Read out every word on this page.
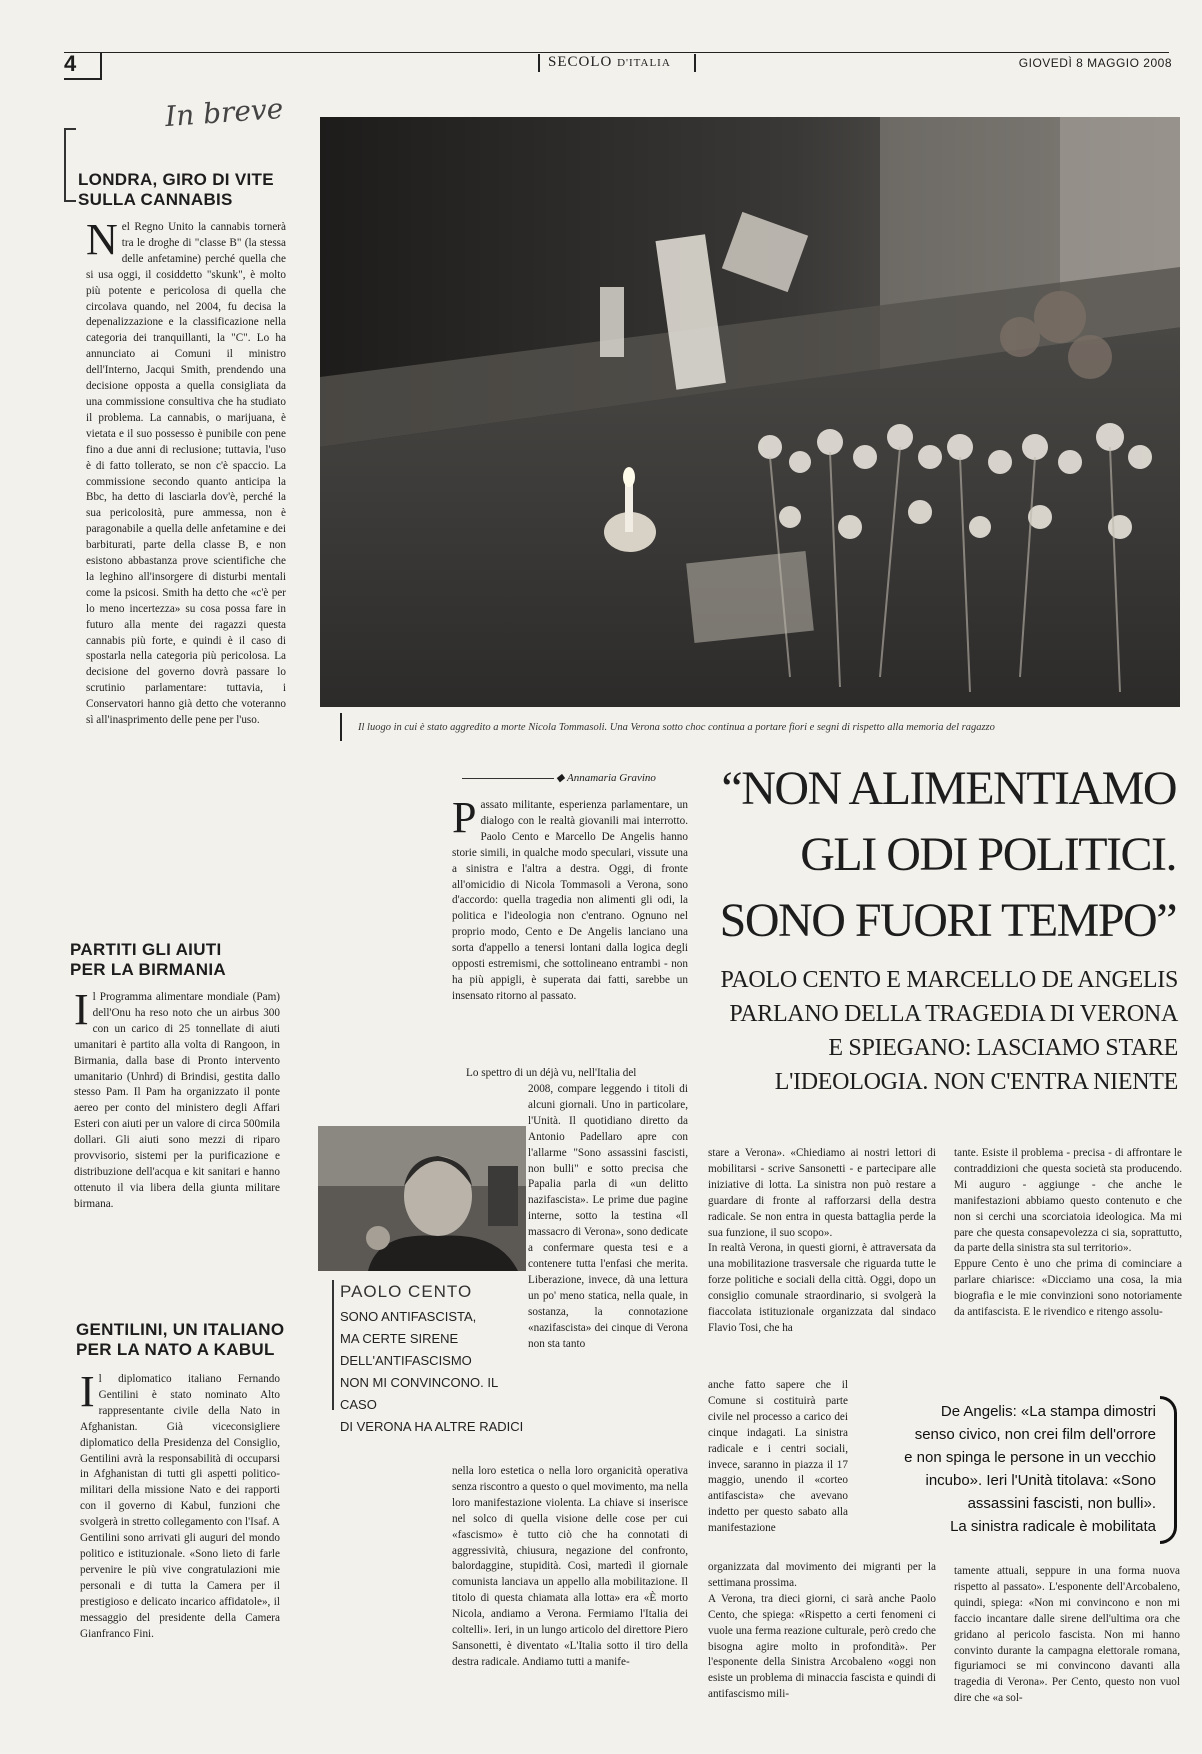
4	SECOLO D'ITALIA	GIOVEDÌ 8 MAGGIO 2008
In breve
LONDRA, GIRO DI VITE
SULLA CANNABIS
N el Regno Unito la cannabis tornerà tra le droghe di "classe B" (la stessa delle anfetamine) perché quella che si usa oggi, il cosiddetto "skunk", è molto più potente e pericolosa di quella che circolava quando, nel 2004, fu decisa la depenalizzazione e la classificazione nella categoria dei tranquillanti, la "C". Lo ha annunciato ai Comuni il ministro dell'Interno, Jacqui Smith, prendendo una decisione opposta a quella consigliata da una commissione consultiva che ha studiato il problema. La cannabis, o marijuana, è vietata e il suo possesso è punibile con pene fino a due anni di reclusione; tuttavia, l'uso è di fatto tollerato, se non c'è spaccio. La commissione secondo quanto anticipa la Bbc, ha detto di lasciarla dov'è, perché la sua pericolosità, pure ammessa, non è paragonabile a quella delle anfetamine e dei barbiturati, parte della classe B, e non esistono abbastanza prove scientifiche che la leghino all'insorgere di disturbi mentali come la psicosi. Smith ha detto che «c'è per lo meno incertezza» su cosa possa fare in futuro alla mente dei ragazzi questa cannabis più forte, e quindi è il caso di spostarla nella categoria più pericolosa. La decisione del governo dovrà passare lo scrutinio parlamentare: tuttavia, i Conservatori hanno già detto che voteranno sì all'inasprimento delle pene per l'uso.
PARTITI GLI AIUTI
PER LA BIRMANIA
I l Programma alimentare mondiale (Pam) dell'Onu ha reso noto che un airbus 300 con un carico di 25 tonnellate di aiuti umanitari è partito alla volta di Rangoon, in Birmania, dalla base di Pronto intervento umanitario (Unhrd) di Brindisi, gestita dallo stesso Pam. Il Pam ha organizzato il ponte aereo per conto del ministero degli Affari Esteri con aiuti per un valore di circa 500mila dollari. Gli aiuti sono mezzi di riparo provvisorio, sistemi per la purificazione e distribuzione dell'acqua e kit sanitari e hanno ottenuto il via libera della giunta militare birmana.
GENTILINI, UN ITALIANO
PER LA NATO A KABUL
I l diplomatico italiano Fernando Gentilini è stato nominato Alto rappresentante civile della Nato in Afghanistan. Già viceconsigliere diplomatico della Presidenza del Consiglio, Gentilini avrà la responsabilità di occuparsi in Afghanistan di tutti gli aspetti politico-militari della missione Nato e dei rapporti con il governo di Kabul, funzioni che svolgerà in stretto collegamento con l'Isaf. A Gentilini sono arrivati gli auguri del mondo politico e istituzionale. «Sono lieto di farle pervenire le più vive congratulazioni mie personali e di tutta la Camera per il prestigioso e delicato incarico affidatole», il messaggio del presidente della Camera Gianfranco Fini.
Il luogo in cui è stato aggredito a morte Nicola Tommasoli. Una Verona sotto choc continua a portare fiori e segni di rispetto alla memoria del ragazzo
◆ Annamaria Gravino	“NON ALIMENTIAMO
GLI ODI POLITICI.
SONO FUORI TEMPO”
PAOLO CENTO E MARCELLO DE ANGELIS
PARLANO DELLA TRAGEDIA DI VERONA
E SPIEGANO: LASCIAMO STARE
L'IDEOLOGIA. NON C'ENTRA NIENTE
P assato militante, esperienza parlamentare, un dialogo con le realtà giovanili mai interrotto. Paolo Cento e Marcello De Angelis hanno storie simili, in qualche modo speculari, vissute una a sinistra e l'altra a destra. Oggi, di fronte all'omicidio di Nicola Tommasoli a Verona, sono d'accordo: quella tragedia non alimenti gli odi, la politica e l'ideologia non c'entrano. Ognuno nel proprio modo, Cento e De Angelis lanciano una sorta d'appello a tenersi lontani dalla logica degli opposti estremismi, che sottolineano entrambi - non ha più appigli, è superata dai fatti, sarebbe un insensato ritorno al passato.
Lo spettro di un déjà vu, nell'Italia del
2008, compare leggendo i titoli di alcuni giornali. Uno in particolare, l'Unità. Il quotidiano diretto da Antonio Padellaro apre con l'allarme "Sono assassini fascisti, non bulli" e sotto precisa che Papalia parla di «un delitto nazifascista». Le prime due pagine interne, sotto la testina «Il massacro di Verona», sono dedicate a confermare questa tesi e a contenere tutta l'enfasi che merita. Liberazione, invece, dà una lettura un po' meno statica, nella quale, in sostanza, la connotazione «nazifascista» dei cinque di Verona non sta tanto
nella loro estetica o nella loro organicità operativa senza riscontro a questo o quel movimento, ma nella loro manifestazione violenta. La chiave si inserisce nel solco di quella visione delle cose per cui «fascismo» è tutto ciò che ha connotati di aggressività, chiusura, negazione del confronto, balordaggine, stupidità. Così, martedì il giornale comunista lanciava un appello alla mobilitazione. Il titolo di questa chiamata alla lotta» era «È morto Nicola, andiamo a Verona. Fermiamo l'Italia dei coltelli». Ieri, in un lungo articolo del direttore Piero Sansonetti, è diventato «L'Italia sotto il tiro della destra radicale. Andiamo tutti a manife-
PAOLO CENTO
SONO ANTIFASCISTA,
MA CERTE SIRENE
DELL'ANTIFASCISMO
NON MI CONVINCONO. IL CASO
DI VERONA HA ALTRE RADICI
stare a Verona». «Chiediamo ai nostri lettori di mobilitarsi - scrive Sansonetti - e partecipare alle iniziative di lotta. La sinistra non può restare a guardare di fronte al rafforzarsi della destra radicale. Se non entra in questa battaglia perde la sua funzione, il suo scopo».
In realtà Verona, in questi giorni, è attraversata da una mobilitazione trasversale che riguarda tutte le forze politiche e sociali della città. Oggi, dopo un consiglio comunale straordinario, si svolgerà la fiaccolata istituzionale organizzata dal sindaco Flavio Tosi, che ha
anche fatto sapere che il Comune si costituirà parte civile nel processo a carico dei cinque indagati. La sinistra radicale e i centri sociali, invece, saranno in piazza il 17 maggio, unendo il «corteo antifascista» che avevano indetto per questo sabato alla manifestazione
organizzata dal movimento dei migranti per la settimana prossima.
A Verona, tra dieci giorni, ci sarà anche Paolo Cento, che spiega: «Rispetto a certi fenomeni ci vuole una ferma reazione culturale, però credo che bisogna agire molto in profondità». Per l'esponente della Sinistra Arcobaleno «oggi non esiste un problema di minaccia fascista e quindi di antifascismo mili-
tante. Esiste il problema - precisa - di affrontare le contraddizioni che questa società sta producendo. Mi auguro - aggiunge - che anche le manifestazioni abbiamo questo contenuto e che non si cerchi una scorciatoia ideologica. Ma mi pare che questa consapevolezza ci sia, soprattutto, da parte della sinistra sta sul territorio».
Eppure Cento è uno che prima di cominciare a parlare chiarisce: «Dicciamo una cosa, la mia biografia e le mie convinzioni sono notoriamente da antifascista. E le rivendico e ritengo assolu-
tamente attuali, seppure in una forma nuova rispetto al passato». L'esponente dell'Arcobaleno, quindi, spiega: «Non mi convincono e non mi faccio incantare dalle sirene dell'ultima ora che gridano al pericolo fascista. Non mi hanno convinto durante la campagna elettorale romana, figuriamoci se mi convincono davanti alla tragedia di Verona». Per Cento, questo non vuol dire che «a sol-
De Angelis: «La stampa dimostri
senso civico, non crei film dell'orrore
e non spinga le persone in un vecchio
incubo». Ieri l'Unità titolava: «Sono
assassini fascisti, non bulli».
La sinistra radicale è mobilitata
